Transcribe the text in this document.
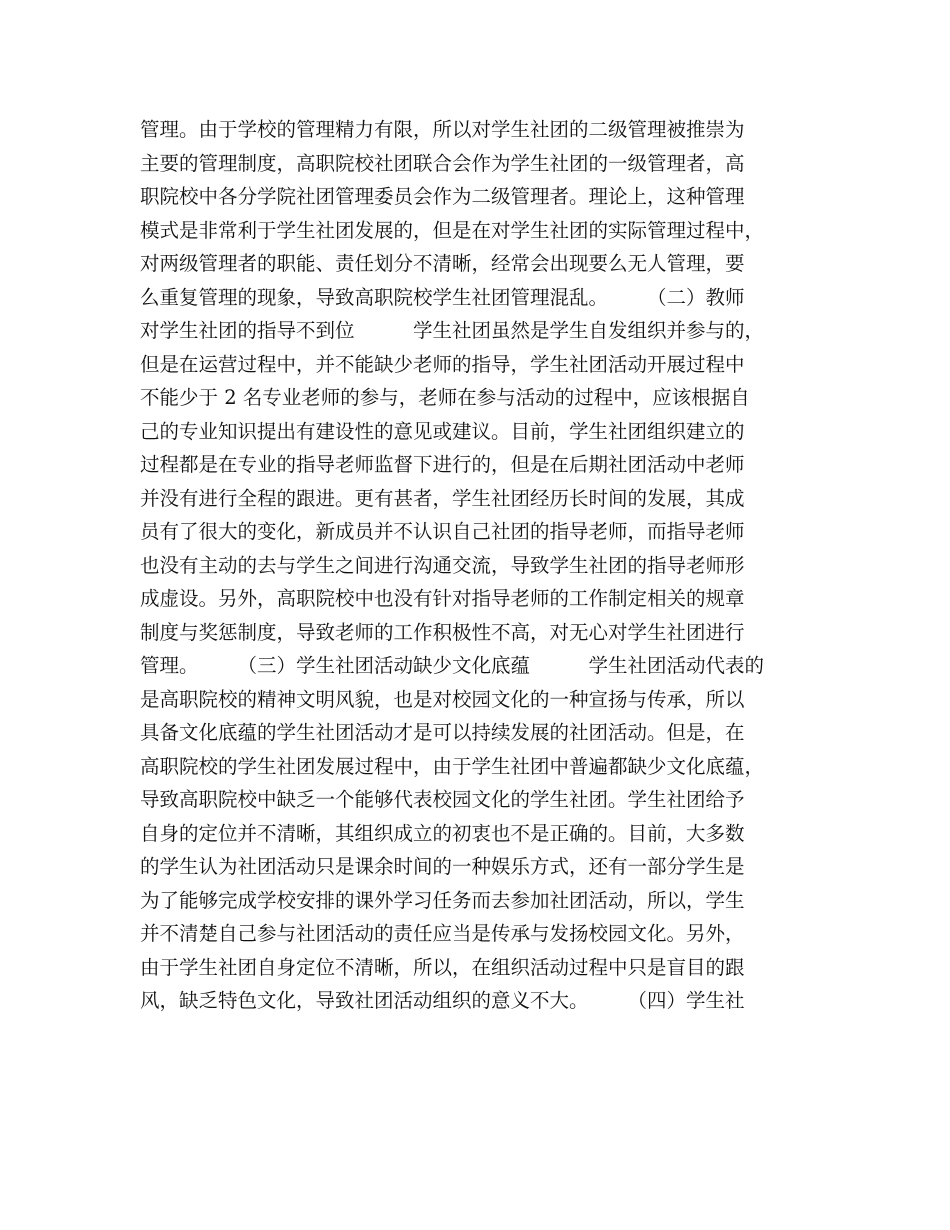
管理。由于学校的管理精力有限，所以对学生社团的二级管理被推崇为
主要的管理制度，高职院校社团联合会作为学生社团的一级管理者，高
职院校中各分学院社团管理委员会作为二级管理者。理论上，这种管理
模式是非常利于学生社团发展的，但是在对学生社团的实际管理过程中，
对两级管理者的职能、责任划分不清晰，经常会出现要么无人管理，要
么重复管理的现象，导致高职院校学生社团管理混乱。　　　（二）教师
对学生社团的指导不到位　　　学生社团虽然是学生自发组织并参与的，
但是在运营过程中，并不能缺少老师的指导，学生社团活动开展过程中
不能少于 2 名专业老师的参与，老师在参与活动的过程中，应该根据自
己的专业知识提出有建设性的意见或建议。目前，学生社团组织建立的
过程都是在专业的指导老师监督下进行的，但是在后期社团活动中老师
并没有进行全程的跟进。更有甚者，学生社团经历长时间的发展，其成
员有了很大的变化，新成员并不认识自己社团的指导老师，而指导老师
也没有主动的去与学生之间进行沟通交流，导致学生社团的指导老师形
成虚设。另外，高职院校中也没有针对指导老师的工作制定相关的规章
制度与奖惩制度，导致老师的工作积极性不高，对无心对学生社团进行
管理。　　　（三）学生社团活动缺少文化底蕴　　　学生社团活动代表的
是高职院校的精神文明风貌，也是对校园文化的一种宣扬与传承，所以
具备文化底蕴的学生社团活动才是可以持续发展的社团活动。但是，在
高职院校的学生社团发展过程中，由于学生社团中普遍都缺少文化底蕴，
导致高职院校中缺乏一个能够代表校园文化的学生社团。学生社团给予
自身的定位并不清晰，其组织成立的初衷也不是正确的。目前，大多数
的学生认为社团活动只是课余时间的一种娱乐方式，还有一部分学生是
为了能够完成学校安排的课外学习任务而去参加社团活动，所以，学生
并不清楚自己参与社团活动的责任应当是传承与发扬校园文化。另外，
由于学生社团自身定位不清晰，所以，在组织活动过程中只是盲目的跟
风，缺乏特色文化，导致社团活动组织的意义不大。　　　（四）学生社
